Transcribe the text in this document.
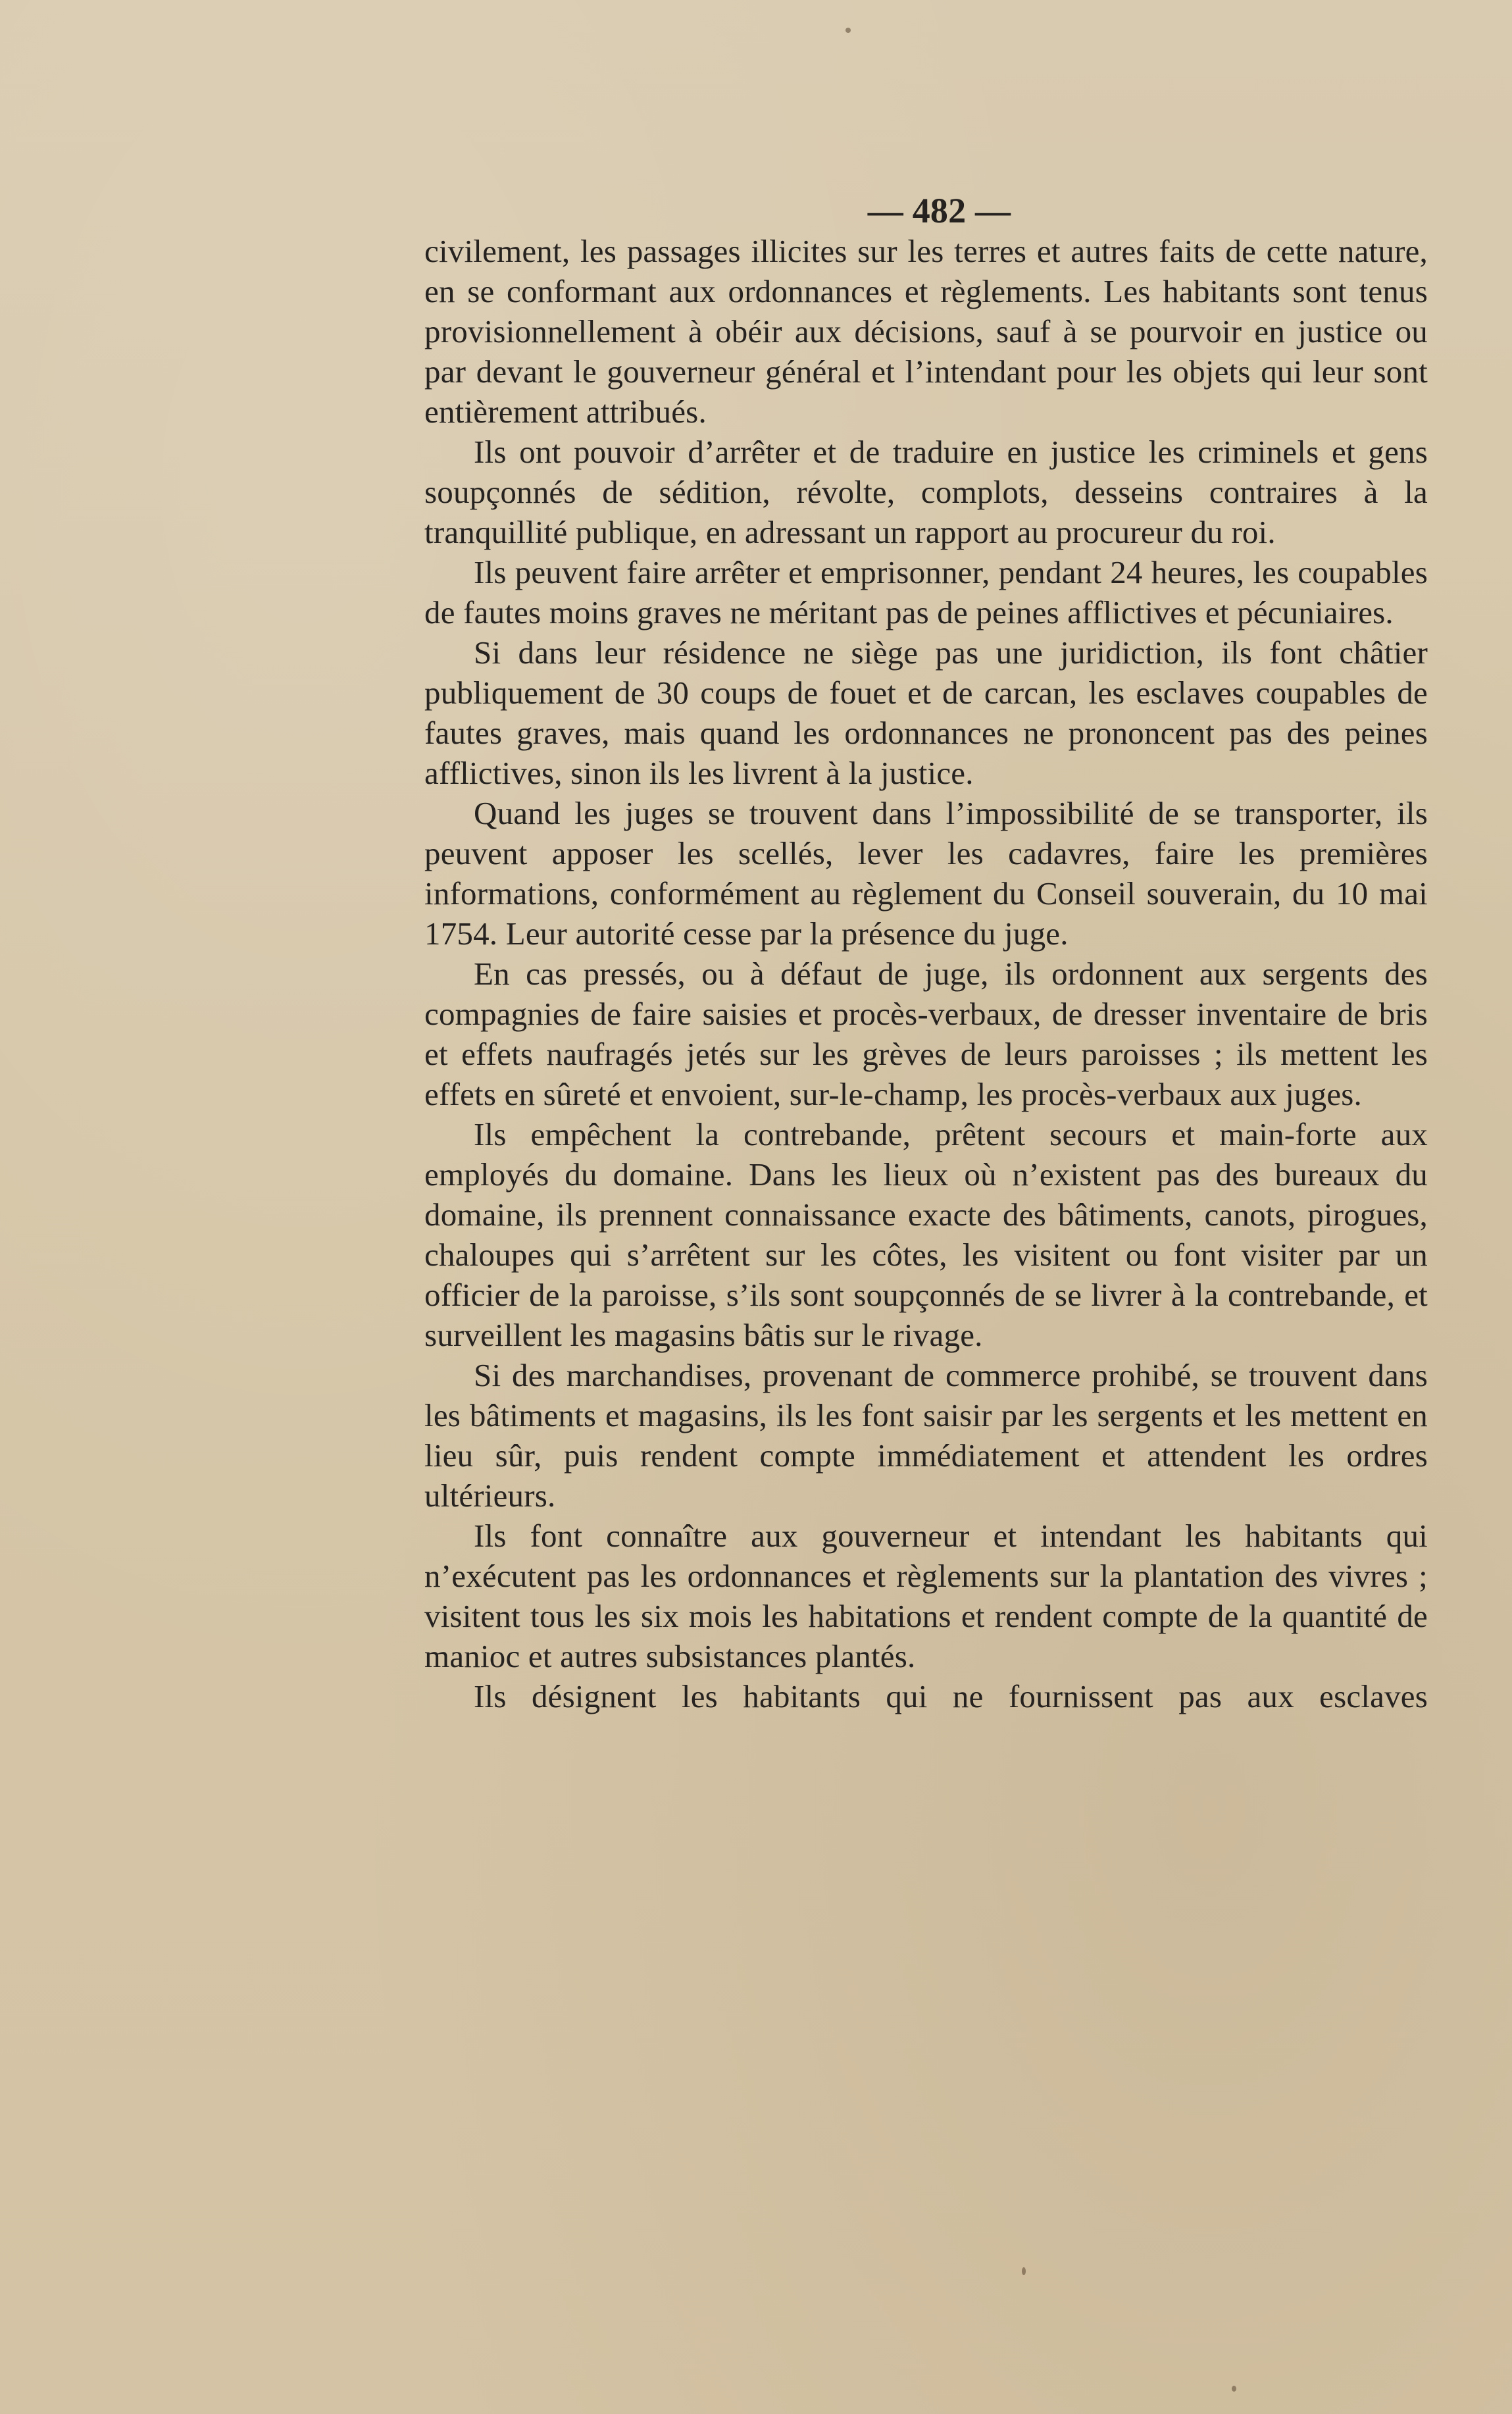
— 482 —

civilement, les passages illicites sur les terres et autres faits de cette nature, en se conformant aux ordonnances et règlements. Les habitants sont tenus provisionnellement à obéir aux décisions, sauf à se pourvoir en justice ou par devant le gouverneur général et l’intendant pour les objets qui leur sont entièrement attribués.

Ils ont pouvoir d’arrêter et de traduire en justice les criminels et gens soupçonnés de sédition, révolte, complots, desseins contraires à la tranquillité publique, en adressant un rapport au procureur du roi.

Ils peuvent faire arrêter et emprisonner, pendant 24 heures, les coupables de fautes moins graves ne méritant pas de peines afflictives et pécuniaires.

Si dans leur résidence ne siège pas une juridiction, ils font châtier publiquement de 30 coups de fouet et de carcan, les esclaves coupables de fautes graves, mais quand les ordonnances ne prononcent pas des peines afflictives, sinon ils les livrent à la justice.

Quand les juges se trouvent dans l’impossibilité de se transporter, ils peuvent apposer les scellés, lever les cadavres, faire les premières informations, conformément au règlement du Conseil souverain, du 10 mai 1754. Leur autorité cesse par la présence du juge.

En cas pressés, ou à défaut de juge, ils ordonnent aux sergents des compagnies de faire saisies et procès-verbaux, de dresser inventaire de bris et effets naufragés jetés sur les grèves de leurs paroisses ; ils mettent les effets en sûreté et envoient, sur-le-champ, les procès-verbaux aux juges.

Ils empêchent la contrebande, prêtent secours et main-forte aux employés du domaine. Dans les lieux où n’existent pas des bureaux du domaine, ils prennent connaissance exacte des bâtiments, canots, pirogues, chaloupes qui s’arrêtent sur les côtes, les visitent ou font visiter par un officier de la paroisse, s’ils sont soupçonnés de se livrer à la contrebande, et surveillent les magasins bâtis sur le rivage.

Si des marchandises, provenant de commerce prohibé, se trouvent dans les bâtiments et magasins, ils les font saisir par les sergents et les mettent en lieu sûr, puis rendent compte immédiatement et attendent les ordres ultérieurs.

Ils font connaître aux gouverneur et intendant les habitants qui n’exécutent pas les ordonnances et règlements sur la plantation des vivres ; visitent tous les six mois les habitations et rendent compte de la quantité de manioc et autres subsistances plantés.

Ils désignent les habitants qui ne fournissent pas aux esclaves
